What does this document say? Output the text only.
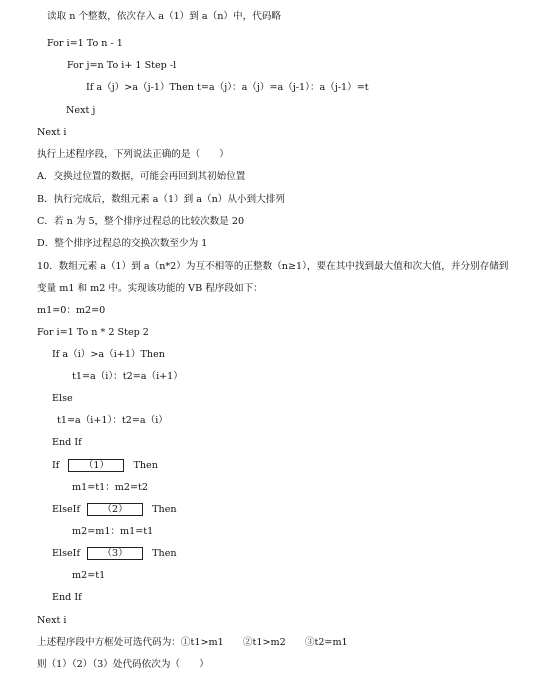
读取 n 个整数，依次存入 a（1）到 a（n）中，代码略
For i=1 To n - 1
For j=n To i+ 1 Step -l
If a（j）>a（j-1）Then t=a（j）：a（j）=a（j-1）：a（j-1）=t
Next j
Next i
执行上述程序段，下列说法正确的是（　　）
A．交换过位置的数据，可能会再回到其初始位置
B．执行完成后，数组元素 a（1）到 a（n）从小到大排列
C．若 n 为 5，整个排序过程总的比较次数是 20
D．整个排序过程总的交换次数至少为 1
10．数组元素 a（1）到 a（n*2）为互不相等的正整数（n≥1），要在其中找到最大值和次大值，并分别存储到
变量 m1 和 m2 中。实现该功能的 VB 程序段如下：
m1=0：m2=0
For i=1 To n * 2 Step 2
If a（i）>a（i+1）Then
t1=a（i）：t2=a（i+1）
Else
t1=a（i+1）：t2=a（i）
End If
If	（1）	Then
m1=t1：m2=t2
ElseIf （2）	Then
m2=m1：m1=t1
ElseIf （3）	Then
m2=t1
End If
Next i
上述程序段中方框处可选代码为：①t1>m1　　②t1>m2　　③t2=m1
则（1）（2）（3）处代码依次为（　　）
